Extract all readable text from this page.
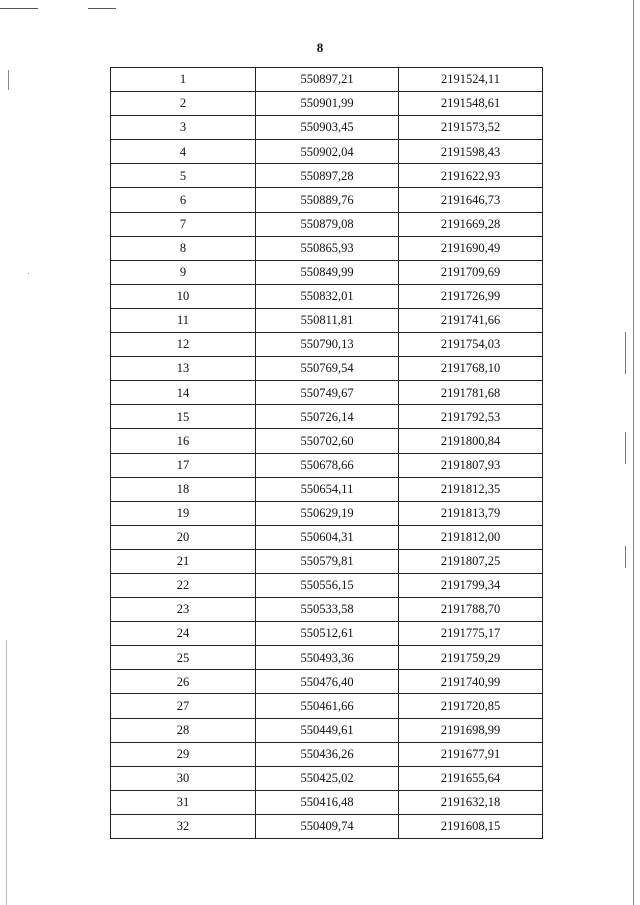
8
1	550897,21	2191524,11
2	550901,99	2191548,61
3	550903,45	2191573,52
4	550902,04	2191598,43
5	550897,28	2191622,93
6	550889,76	2191646,73
7	550879,08	2191669,28
8	550865,93	2191690,49
9	550849,99	2191709,69
10	550832,01	2191726,99
11	550811,81	2191741,66
12	550790,13	2191754,03
13	550769,54	2191768,10
14	550749,67	2191781,68
15	550726,14	2191792,53
16	550702,60	2191800,84
17	550678,66	2191807,93
18	550654,11	2191812,35
19	550629,19	2191813,79
20	550604,31	2191812,00
21	550579,81	2191807,25
22	550556,15	2191799,34
23	550533,58	2191788,70
24	550512,61	2191775,17
25	550493,36	2191759,29
26	550476,40	2191740,99
27	550461,66	2191720,85
28	550449,61	2191698,99
29	550436,26	2191677,91
30	550425,02	2191655,64
31	550416,48	2191632,18
32	550409,74	2191608,15
